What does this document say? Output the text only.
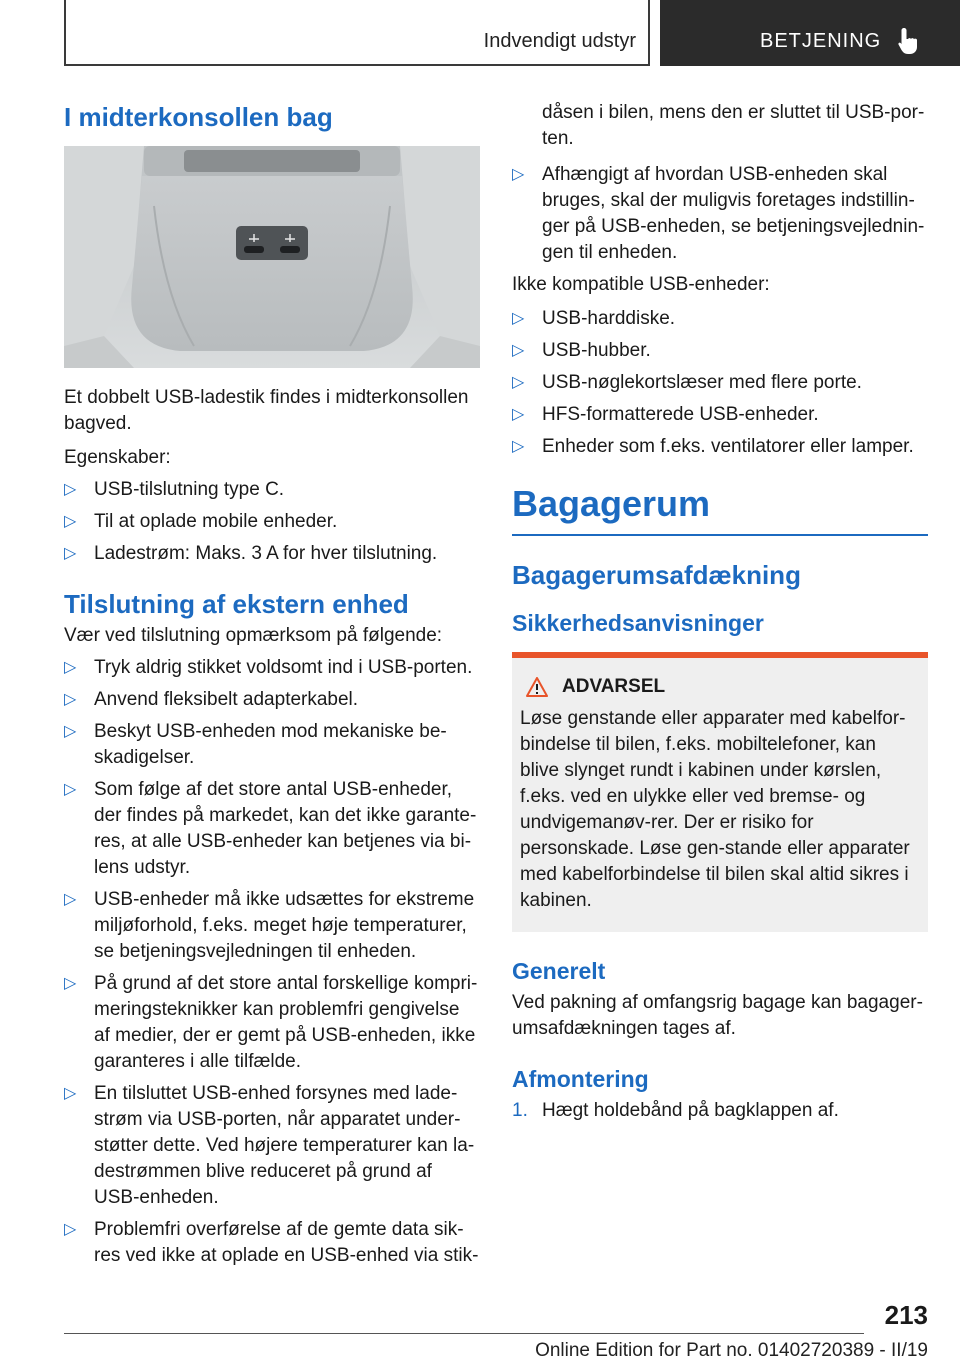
Indvendigt udstyr	BETJENING
I midterkonsollen bag
Et dobbelt USB-ladestik findes i midterkonsollen bagved.
Egenskaber:
▷ USB-tilslutning type C.
▷ Til at oplade mobile enheder.
▷ Ladestrøm: Maks. 3 A for hver tilslutning.
Tilslutning af ekstern enhed
Vær ved tilslutning opmærksom på følgende:
▷ Tryk aldrig stikket voldsomt ind i USB-porten.
▷ Anvend fleksibelt adapterkabel.
▷ Beskyt USB-enheden mod mekaniske be-skadigelser.
▷ Som følge af det store antal USB-enheder, der findes på markedet, kan det ikke garante-res, at alle USB-enheder kan betjenes via bi-lens udstyr.
▷ USB-enheder må ikke udsættes for ekstreme miljøforhold, f.eks. meget høje temperaturer, se betjeningsvejledningen til enheden.
▷ På grund af det store antal forskellige kompri-meringsteknikker kan problemfri gengivelse af medier, der er gemt på USB-enheden, ikke garanteres i alle tilfælde.
▷ En tilsluttet USB-enhed forsynes med lade-strøm via USB-porten, når apparatet under-støtter dette. Ved højere temperaturer kan la-destrømmen blive reduceret på grund af USB-enheden.
▷ Problemfri overførelse af de gemte data sik-res ved ikke at oplade en USB-enhed via stik-
dåsen i bilen, mens den er sluttet til USB-por-ten.
▷ Afhængigt af hvordan USB-enheden skal bruges, skal der muligvis foretages indstillin-ger på USB-enheden, se betjeningsvejlednin-gen til enheden.
Ikke kompatible USB-enheder:
▷ USB-harddiske.
▷ USB-hubber.
▷ USB-nøglekortslæser med flere porte.
▷ HFS-formatterede USB-enheder.
▷ Enheder som f.eks. ventilatorer eller lamper.
Bagagerum
Bagagerumsafdækning
Sikkerhedsanvisninger
ADVARSEL
Løse genstande eller apparater med kabelfor-bindelse til bilen, f.eks. mobiltelefoner, kan blive slynget rundt i kabinen under kørslen, f.eks. ved en ulykke eller ved bremse- og undvigemanøv-rer. Der er risiko for personskade. Løse gen-stande eller apparater med kabelforbindelse til bilen skal altid sikres i kabinen.
Generelt
Ved pakning af omfangsrig bagage kan bagager-umsafdækningen tages af.
Afmontering
1. Hægt holdebånd på bagklappen af.
213
Online Edition for Part no. 01402720389 - II/19
